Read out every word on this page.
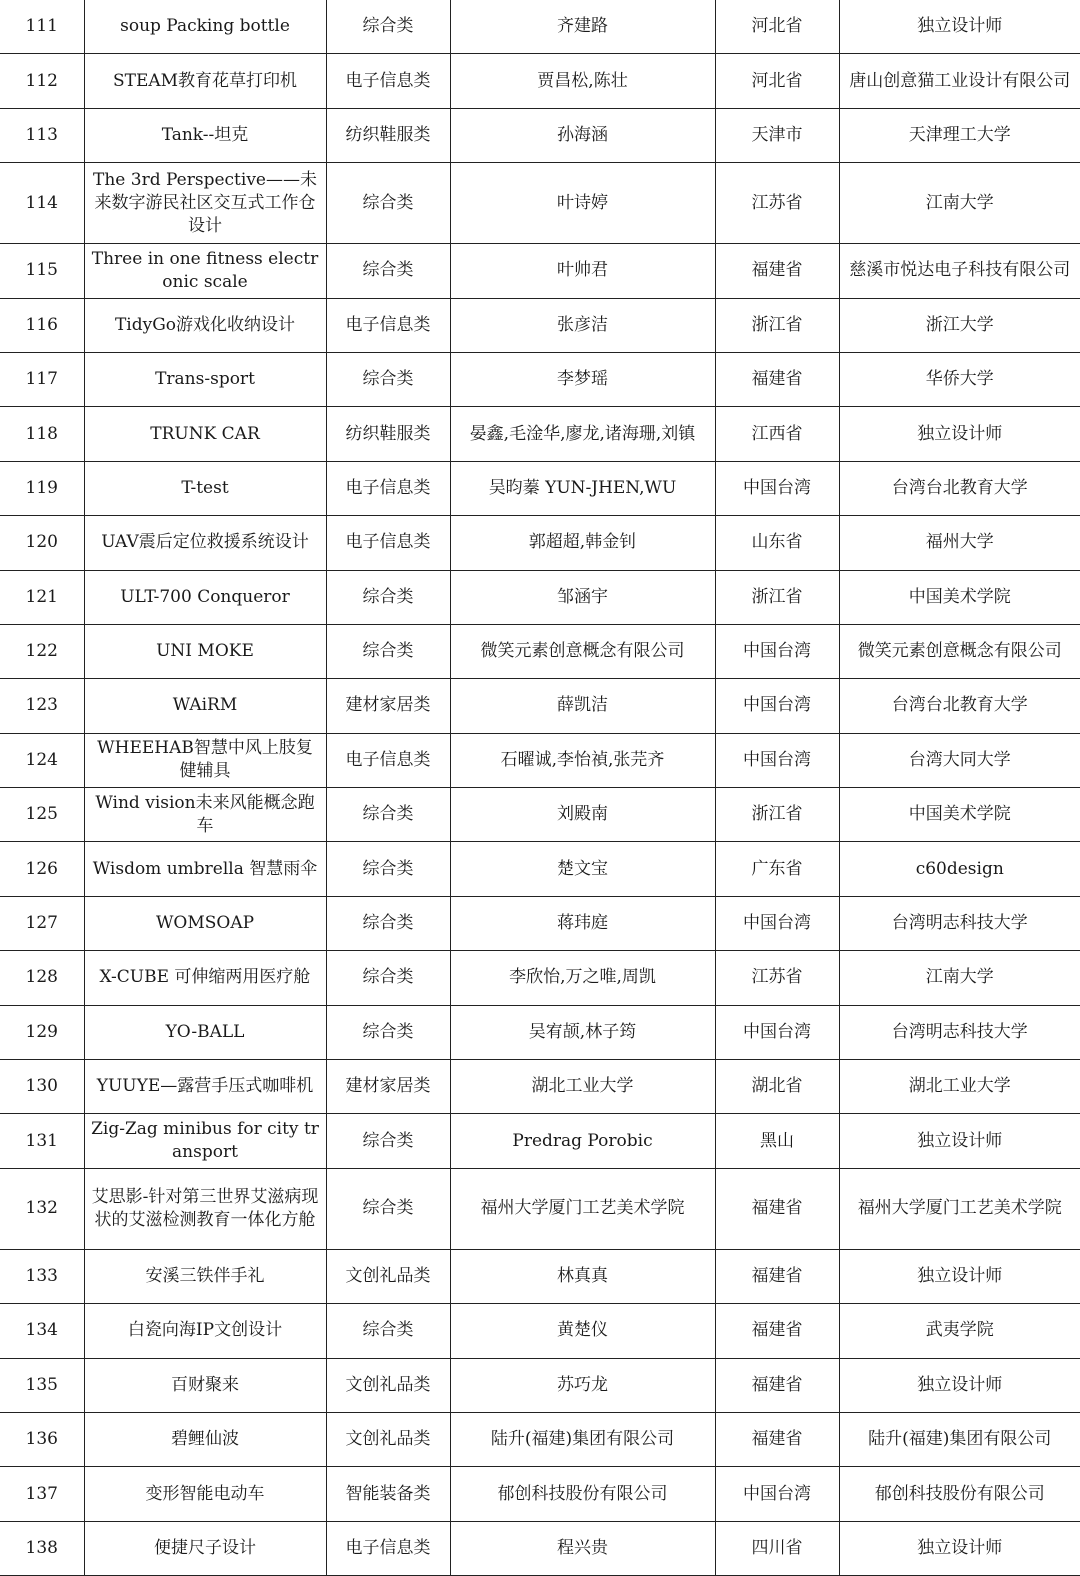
111	soup Packing bottle	综合类	齐建路	河北省	独立设计师
112	STEAM教育花草打印机	电子信息类	贾昌松,陈壮	河北省	唐山创意猫工业设计有限公司
113	Tank--坦克	纺织鞋服类	孙海涵	天津市	天津理工大学
114	The 3rd Perspective——未来数字游民社区交互式工作仓设计	综合类	叶诗婷	江苏省	江南大学
115	Three in one fitness electronic scale	综合类	叶帅君	福建省	慈溪市悦达电子科技有限公司
116	TidyGo游戏化收纳设计	电子信息类	张彦洁	浙江省	浙江大学
117	Trans-sport	综合类	李梦瑶	福建省	华侨大学
118	TRUNK CAR	纺织鞋服类	晏鑫,毛淦华,廖龙,诸海珊,刘镇	江西省	独立设计师
119	T-test	电子信息类	吴昀蓁 YUN-JHEN,WU	中国台湾	台湾台北教育大学
120	UAV震后定位救援系统设计	电子信息类	郭超超,韩金钊	山东省	福州大学
121	ULT-700 Conqueror	综合类	邹涵宇	浙江省	中国美术学院
122	UNI MOKE	综合类	微笑元素创意概念有限公司	中国台湾	微笑元素创意概念有限公司
123	WAiRM	建材家居类	薛凯洁	中国台湾	台湾台北教育大学
124	WHEEHAB智慧中风上肢复健辅具	电子信息类	石曜诚,李怡禎,张芫齐	中国台湾	台湾大同大学
125	Wind vision未来风能概念跑车	综合类	刘殿南	浙江省	中国美术学院
126	Wisdom umbrella 智慧雨伞	综合类	楚文宝	广东省	c60design
127	WOMSOAP	综合类	蒋玮庭	中国台湾	台湾明志科技大学
128	X-CUBE 可伸缩两用医疗舱	综合类	李欣怡,万之唯,周凯	江苏省	江南大学
129	YO-BALL	综合类	吴宥颉,林子筠	中国台湾	台湾明志科技大学
130	YUUYE—露营手压式咖啡机	建材家居类	湖北工业大学	湖北省	湖北工业大学
131	Zig-Zag minibus for city transport	综合类	Predrag Porobic	黑山	独立设计师
132	艾思影-针对第三世界艾滋病现状的艾滋检测教育一体化方舱	综合类	福州大学厦门工艺美术学院	福建省	福州大学厦门工艺美术学院
133	安溪三铁伴手礼	文创礼品类	林真真	福建省	独立设计师
134	白瓷向海IP文创设计	综合类	黄楚仪	福建省	武夷学院
135	百财聚来	文创礼品类	苏巧龙	福建省	独立设计师
136	碧鲤仙波	文创礼品类	陆升(福建)集团有限公司	福建省	陆升(福建)集团有限公司
137	变形智能电动车	智能装备类	郁创科技股份有限公司	中国台湾	郁创科技股份有限公司
138	便捷尺子设计	电子信息类	程兴贵	四川省	独立设计师
